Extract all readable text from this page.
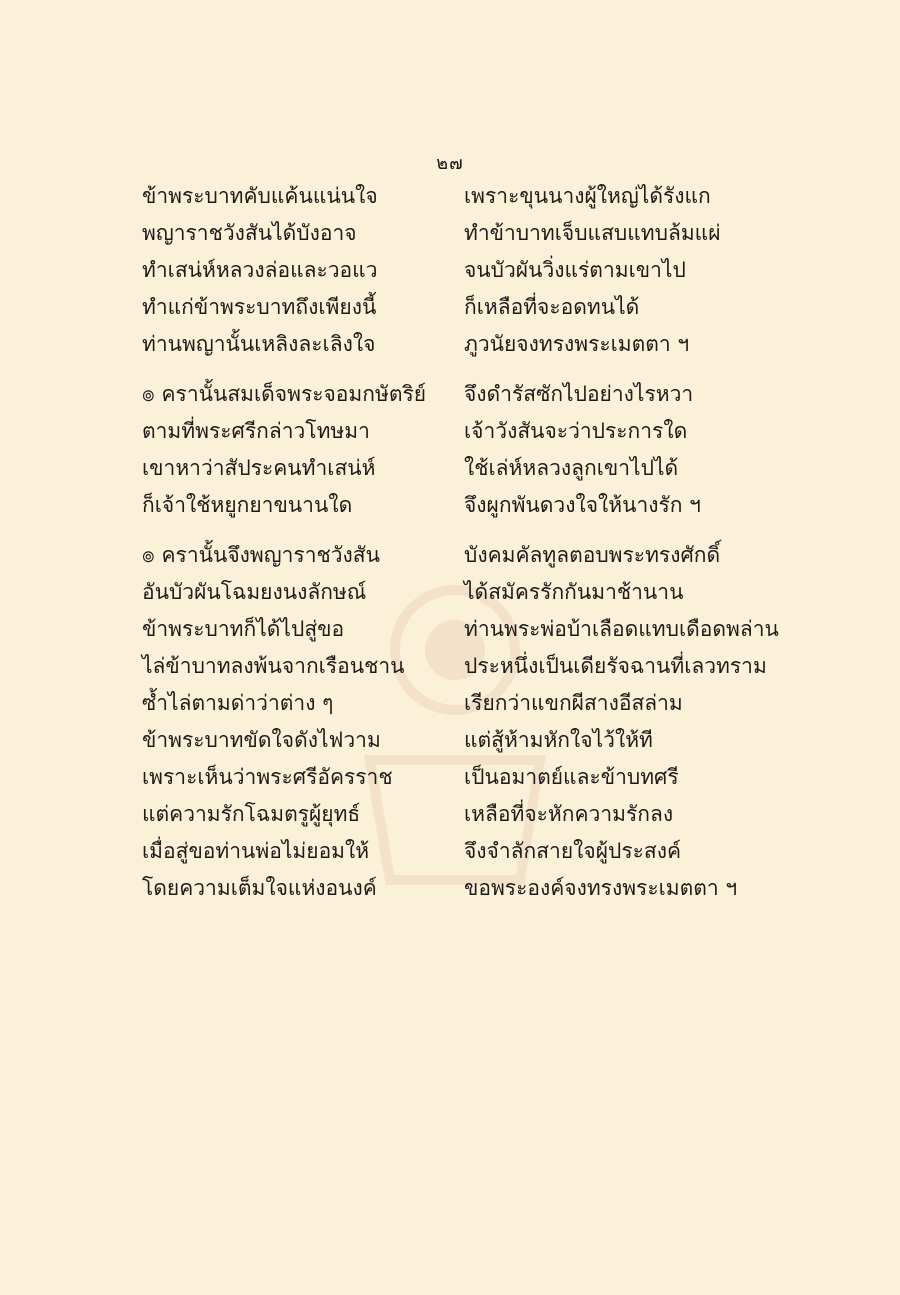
๒๗
ข้าพระบาทคับแค้นแน่นใจ
พญาราชวังสันได้บังอาจ
ทำเสน่ห์หลวงล่อและวอแว
ทำแก่ข้าพระบาทถึงเพียงนี้
ท่านพญานั้นเหลิงละเลิงใจ
๏ ครานั้นสมเด็จพระจอมกษัตริย์
ตามที่พระศรีกล่าวโทษมา
เขาหาว่าสัประคนทำเสน่ห์
ก็เจ้าใช้หยูกยาขนานใด
๏ ครานั้นจึงพญาราชวังสัน
อันบัวผันโฉมยงนงลักษณ์
ข้าพระบาทก็ได้ไปสู่ขอ
ไล่ข้าบาทลงพ้นจากเรือนชาน
ซ้ำไล่ตามด่าว่าต่าง ๆ
ข้าพระบาทขัดใจดังไฟวาม
เพราะเห็นว่าพระศรีอัครราช
แต่ความรักโฉมตรูผู้ยุทธ์
เมื่อสู่ขอท่านพ่อไม่ยอมให้
โดยความเต็มใจแห่งอนงค์
เพราะขุนนางผู้ใหญ่ได้รังแก
ทำข้าบาทเจ็บแสบแทบล้มแผ่
จนบัวผันวิ่งแร่ตามเขาไป
ก็เหลือที่จะอดทนได้
ภูวนัยจงทรงพระเมตตา ฯ
จึงดำรัสซักไปอย่างไรหวา
เจ้าวังสันจะว่าประการใด
ใช้เล่ห์หลวงลูกเขาไปได้
จึงผูกพันดวงใจให้นางรัก ฯ
บังคมคัลทูลตอบพระทรงศักดิ์
ได้สมัครรักกันมาช้านาน
ท่านพระพ่อบ้าเลือดแทบเดือดพล่าน
ประหนึ่งเป็นเดียรัจฉานที่เลวทราม
เรียกว่าแขกผีสางอีสล่าม
แต่สู้ห้ามหักใจไว้ให้ที
เป็นอมาตย์และข้าบทศรี
เหลือที่จะหักความรักลง
จึงจำลักสายใจผู้ประสงค์
ขอพระองค์จงทรงพระเมตตา ฯ
